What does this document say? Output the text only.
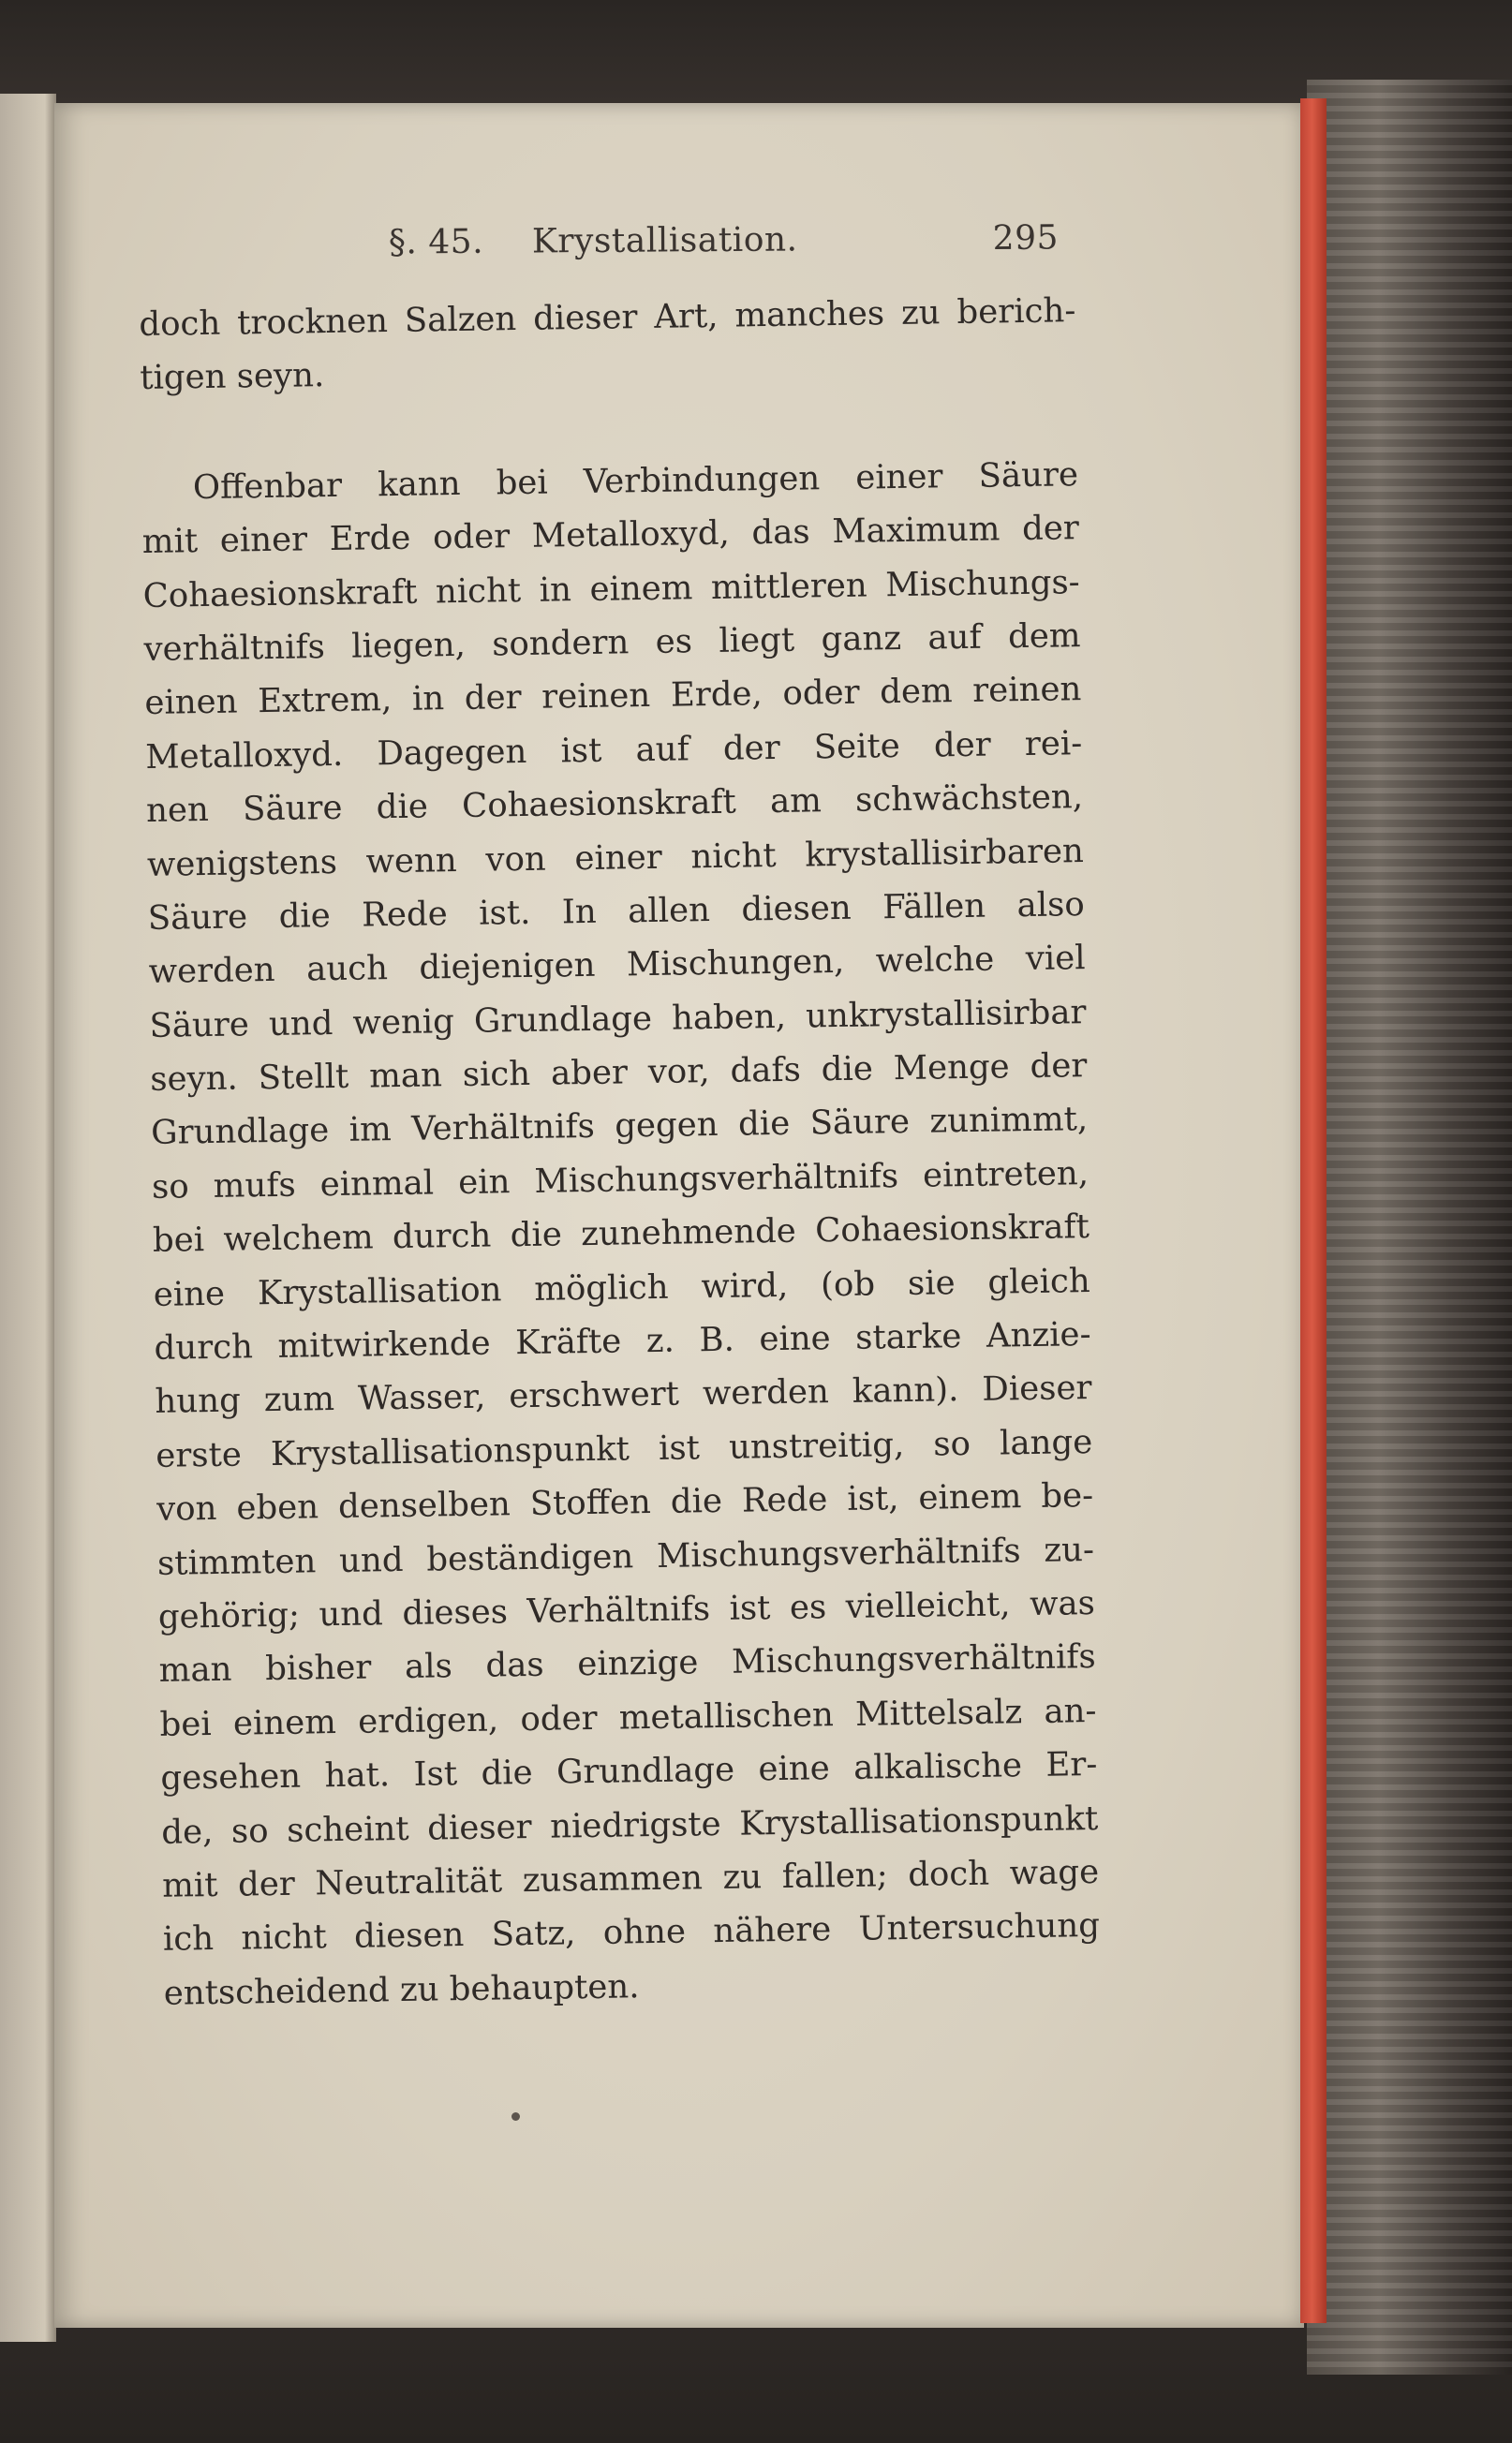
§. 45. Krystallisation.	295
doch trocknen Salzen dieser Art, manches zu berich-
tigen seyn.
Offenbar kann bei Verbindungen einer Säure
mit einer Erde oder Metalloxyd, das Maximum der
Cohaesionskraft nicht in einem mittleren Mischungs-
verhältnifs liegen, sondern es liegt ganz auf dem
einen Extrem, in der reinen Erde, oder dem reinen
Metalloxyd. Dagegen ist auf der Seite der rei-
nen Säure die Cohaesionskraft am schwächsten,
wenigstens wenn von einer nicht krystallisirbaren
Säure die Rede ist. In allen diesen Fällen also
werden auch diejenigen Mischungen, welche viel
Säure und wenig Grundlage haben, unkrystallisirbar
seyn. Stellt man sich aber vor, dafs die Menge der
Grundlage im Verhältnifs gegen die Säure zunimmt,
so mufs einmal ein Mischungsverhältnifs eintreten,
bei welchem durch die zunehmende Cohaesionskraft
eine Krystallisation möglich wird, (ob sie gleich
durch mitwirkende Kräfte z. B. eine starke Anzie-
hung zum Wasser, erschwert werden kann). Dieser
erste Krystallisationspunkt ist unstreitig, so lange
von eben denselben Stoffen die Rede ist, einem be-
stimmten und beständigen Mischungsverhältnifs zu-
gehörig; und dieses Verhältnifs ist es vielleicht, was
man bisher als das einzige Mischungsverhältnifs
bei einem erdigen, oder metallischen Mittelsalz an-
gesehen hat. Ist die Grundlage eine alkalische Er-
de, so scheint dieser niedrigste Krystallisationspunkt
mit der Neutralität zusammen zu fallen; doch wage
ich nicht diesen Satz, ohne nähere Untersuchung
entscheidend zu behaupten.
